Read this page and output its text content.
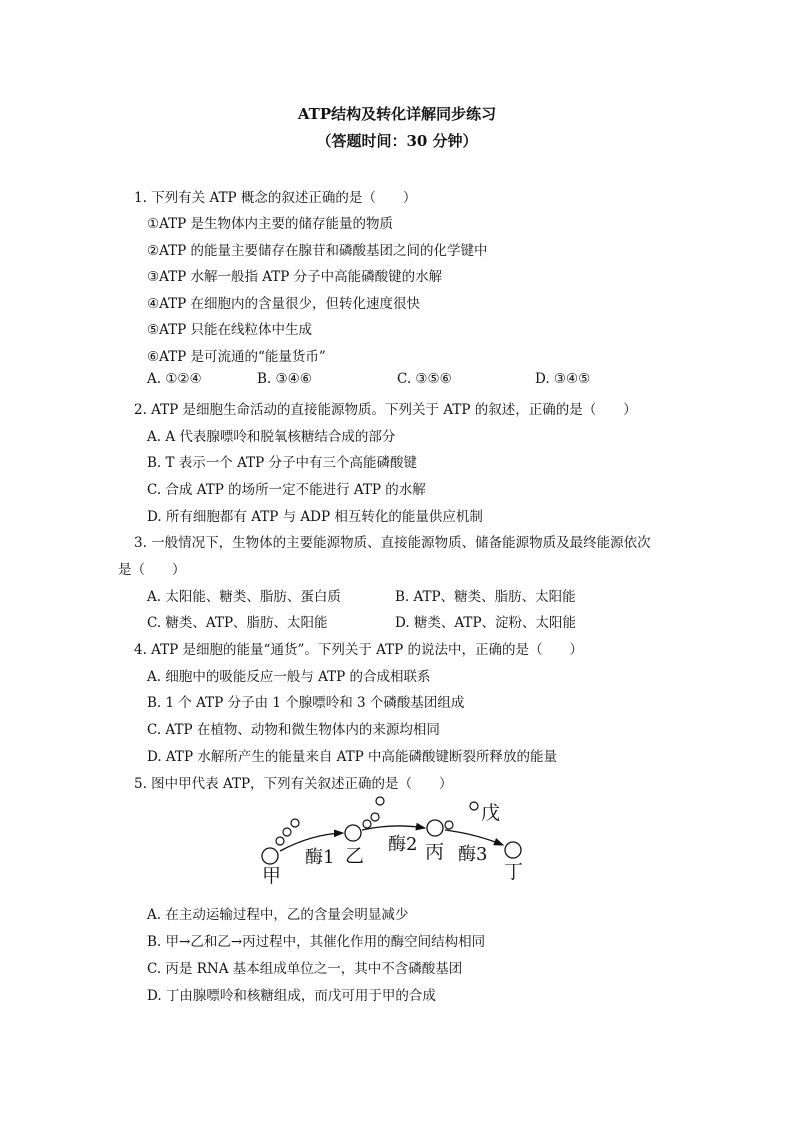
ATP结构及转化详解同步练习
（答题时间：30 分钟）
1. 下列有关 ATP 概念的叙述正确的是（　　）
①ATP 是生物体内主要的储存能量的物质
②ATP 的能量主要储存在腺苷和磷酸基团之间的化学键中
③ATP 水解一般指 ATP 分子中高能磷酸键的水解
④ATP 在细胞内的含量很少，但转化速度很快
⑤ATP 只能在线粒体中生成
⑥ATP 是可流通的“能量货币”
A. ①②④	B. ③④⑥	C. ③⑤⑥	D. ③④⑤
2. ATP 是细胞生命活动的直接能源物质。下列关于 ATP 的叙述，正确的是（　　）
A. A 代表腺嘌呤和脱氧核糖结合成的部分
B. T 表示一个 ATP 分子中有三个高能磷酸键
C. 合成 ATP 的场所一定不能进行 ATP 的水解
D. 所有细胞都有 ATP 与 ADP 相互转化的能量供应机制
3. 一般情况下，生物体的主要能源物质、直接能源物质、储备能源物质及最终能源依次
是（　　）
A. 太阳能、糖类、脂肪、蛋白质	B. ATP、糖类、脂肪、太阳能
C. 糖类、ATP、脂肪、太阳能	D. 糖类、ATP、淀粉、太阳能
4. ATP 是细胞的能量“通货”。下列关于 ATP 的说法中，正确的是（　　）
A. 细胞中的吸能反应一般与 ATP 的合成相联系
B. 1 个 ATP 分子由 1 个腺嘌呤和 3 个磷酸基团组成
C. ATP 在植物、动物和微生物体内的来源均相同
D. ATP 水解所产生的能量来自 ATP 中高能磷酸键断裂所释放的能量
5. 图中甲代表 ATP，下列有关叙述正确的是（　　）
甲
乙	丙
丁
戊
酶1
酶2 酶3
A. 在主动运输过程中，乙的含量会明显减少
B. 甲→乙和乙→丙过程中，其催化作用的酶空间结构相同
C. 丙是 RNA 基本组成单位之一，其中不含磷酸基团
D. 丁由腺嘌呤和核糖组成，而戊可用于甲的合成
